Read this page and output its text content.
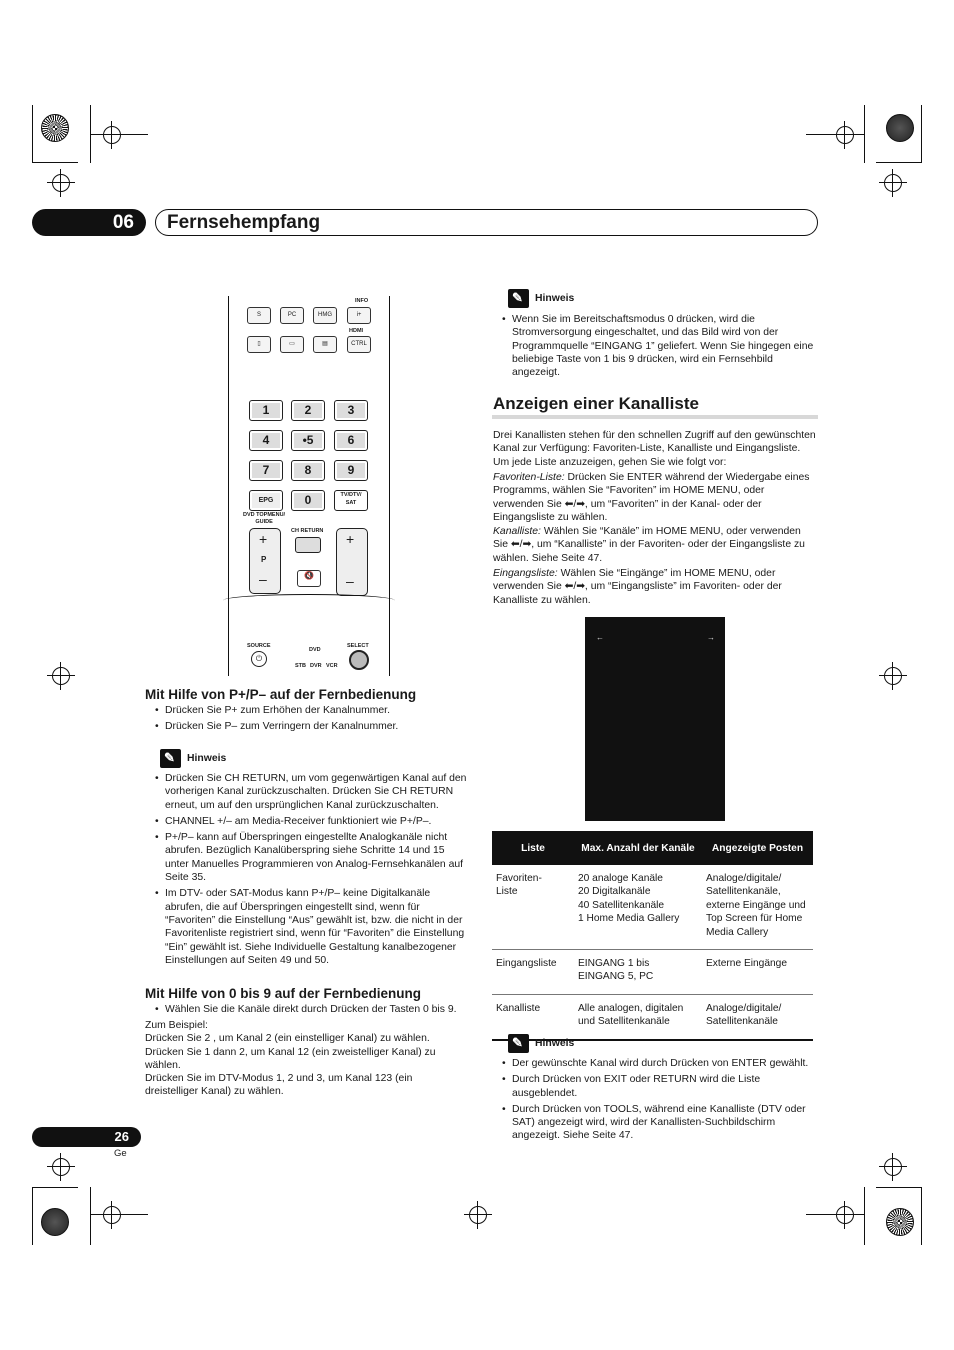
06	Fernsehempfang
S	PC	HMG
INFO
i+
▯	▭	▤
HDMI
CTRL
1	2	3
4	•5	6
7	8	9
EPG	0	TV/DTV/
SAT
DVD TOPMENU/
GUIDE
+
P
–
CH RETURN
🔇
+
–
SOURCE
⏻
DVD
STB DVR VCR
SELECT
Mit Hilfe von P+/P– auf der Fernbedienung
• Drücken Sie P+ zum Erhöhen der Kanalnummer.
• Drücken Sie P– zum Verringern der Kanalnummer.
✎
Hinweis
• Drücken Sie CH RETURN, um vom gegenwärtigen Kanal auf den vorherigen Kanal zurückzuschalten. Drücken Sie CH RETURN erneut, um auf den ursprünglichen Kanal zurückzuschalten.
• CHANNEL +/– am Media-Receiver funktioniert wie P+/P–.
• P+/P– kann auf Überspringen eingestellte Analogkanäle nicht abrufen. Bezüglich Kanalüberspring siehe Schritte 14 und 15 unter Manuelles Programmieren von Analog-Fernsehkanälen auf Seite 35.
• Im DTV- oder SAT-Modus kann P+/P– keine Digitalkanäle abrufen, die auf Überspringen eingestellt sind, wenn für “Favoriten” die Einstellung “Aus” gewählt ist, bzw. die nicht in der Favoritenliste registriert sind, wenn für “Favoriten” die Einstellung “Ein” gewählt ist. Siehe Individuelle Gestaltung kanalbezogener Einstellungen auf Seiten 49 und 50.
Mit Hilfe von 0 bis 9 auf der Fernbedienung
• Wählen Sie die Kanäle direkt durch Drücken der Tasten 0 bis 9.
Zum Beispiel:
Drücken Sie 2 , um Kanal 2 (ein einstelliger Kanal) zu wählen.
Drücken Sie 1 dann 2, um Kanal 12 (ein zweistelliger Kanal) zu wählen.
Drücken Sie im DTV-Modus 1, 2 und 3, um Kanal 123 (ein dreistelliger Kanal) zu wählen.
✎
Hinweis
• Wenn Sie im Bereitschaftsmodus 0 drücken, wird die Stromversorgung eingeschaltet, und das Bild wird von der Programmquelle “EINGANG 1” geliefert. Wenn Sie hingegen eine beliebige Taste von 1 bis 9 drücken, wird ein Fernsehbild angezeigt.
Anzeigen einer Kanalliste
Drei Kanallisten stehen für den schnellen Zugriff auf den gewünschten Kanal zur Verfügung: Favoriten-Liste, Kanalliste und Eingangsliste. Um jede Liste anzuzeigen, gehen Sie wie folgt vor:
Favoriten-Liste: Drücken Sie ENTER während der Wiedergabe eines Programms, wählen Sie “Favoriten” im HOME MENU, oder verwenden Sie ⬅/➡, um “Favoriten” in der Kanal- oder der Eingangsliste zu wählen.
Kanalliste: Wählen Sie “Kanäle” im HOME MENU, oder verwenden Sie ⬅/➡, um “Kanalliste” in der Favoriten- oder der Eingangsliste zu wählen. Siehe Seite 47.
Eingangsliste: Wählen Sie “Eingänge” im HOME MENU, oder verwenden Sie ⬅/➡, um “Eingangsliste” im Favoriten- oder der Kanalliste zu wählen.
←	→
Liste	Max. Anzahl der Kanäle	Angezeigte Posten
Favoriten-
Liste	20 analoge Kanäle
20 Digitalkanäle
40 Satellitenkanäle
1 Home Media Gallery	Analoge/digitale/
Satellitenkanäle,
externe Eingänge und
Top Screen für Home
Media Callery
Eingangsliste	EINGANG 1 bis
EINGANG 5, PC	Externe Eingänge
Kanalliste	Alle analogen, digitalen
und Satellitenkanäle	Analoge/digitale/
Satellitenkanäle
✎
Hinweis
• Der gewünschte Kanal wird durch Drücken von ENTER gewählt.
• Durch Drücken von EXIT oder RETURN wird die Liste ausgeblendet.
• Durch Drücken von TOOLS, während eine Kanalliste (DTV oder SAT) angezeigt wird, wird der Kanallisten-Suchbildschirm angezeigt. Siehe Seite 47.
26
Ge
